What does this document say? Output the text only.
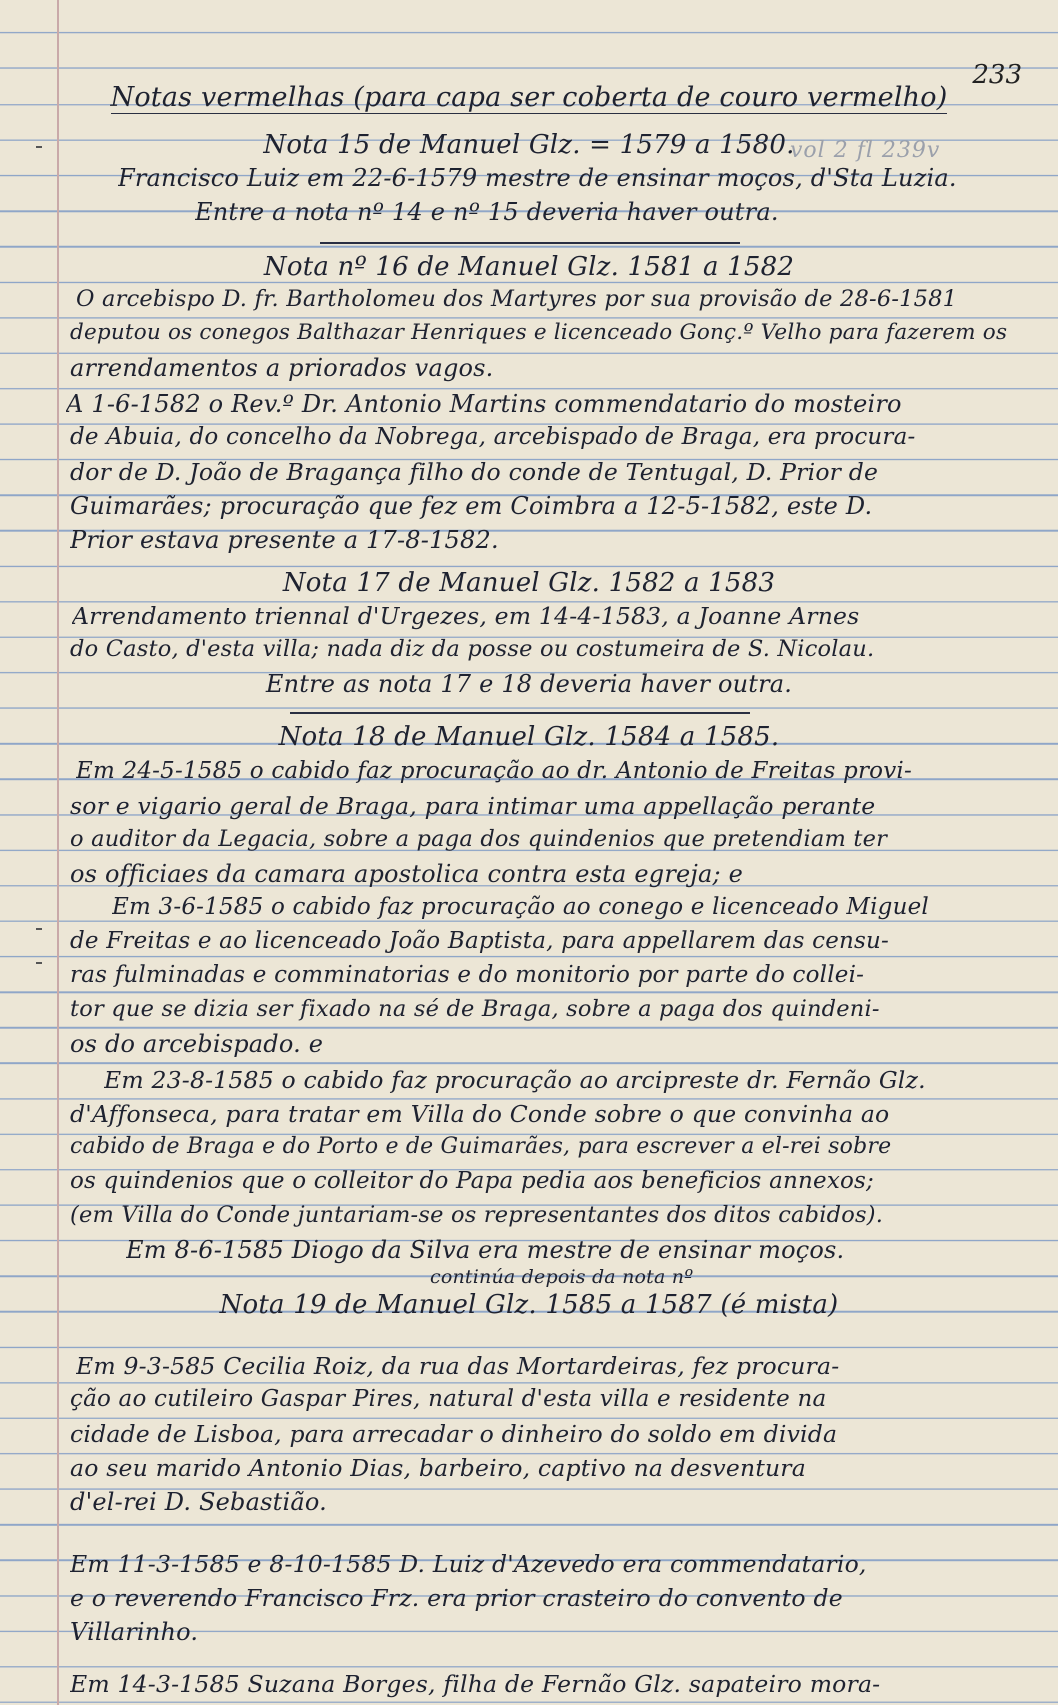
233
vol 2 fl 239v
Notas vermelhas (para capa ser coberta de couro vermelho)
Nota 15 de Manuel Glz. = 1579 a 1580.
Francisco Luiz em 22-6-1579 mestre de ensinar moços, d'Sta Luzia.
Entre a nota nº 14 e nº 15 deveria haver outra.
Nota nº 16 de Manuel Glz. 1581 a 1582
O arcebispo D. fr. Bartholomeu dos Martyres por sua provisão de 28-6-1581
deputou os conegos Balthazar Henriques e licenceado Gonç.º Velho para fazerem os
arrendamentos a priorados vagos.
A 1-6-1582 o Rev.º Dr. Antonio Martins commendatario do mosteiro
de Abuia, do concelho da Nobrega, arcebispado de Braga, era procura-
dor de D. João de Bragança filho do conde de Tentugal, D. Prior de
Guimarães; procuração que fez em Coimbra a 12-5-1582, este D.
Prior estava presente a 17-8-1582.
Nota 17 de Manuel Glz. 1582 a 1583
Arrendamento triennal d'Urgezes, em 14-4-1583, a Joanne Arnes
do Casto, d'esta villa; nada diz da posse ou costumeira de S. Nicolau.
Entre as nota 17 e 18 deveria haver outra.
Nota 18 de Manuel Glz. 1584 a 1585.
Em 24-5-1585 o cabido faz procuração ao dr. Antonio de Freitas provi-
sor e vigario geral de Braga, para intimar uma appellação perante
o auditor da Legacia, sobre a paga dos quindenios que pretendiam ter
os officiaes da camara apostolica contra esta egreja; e
Em 3-6-1585 o cabido faz procuração ao conego e licenceado Miguel
de Freitas e ao licenceado João Baptista, para appellarem das censu-
ras fulminadas e comminatorias e do monitorio por parte do collei-
tor que se dizia ser fixado na sé de Braga, sobre a paga dos quindeni-
os do arcebispado. e
Em 23-8-1585 o cabido faz procuração ao arcipreste dr. Fernão Glz.
d'Affonseca, para tratar em Villa do Conde sobre o que convinha ao
cabido de Braga e do Porto e de Guimarães, para escrever a el-rei sobre
os quindenios que o colleitor do Papa pedia aos beneficios annexos;
(em Villa do Conde juntariam-se os representantes dos ditos cabidos).
Em 8-6-1585 Diogo da Silva era mestre de ensinar moços.
continúa depois da nota nº
Nota 19 de Manuel Glz. 1585 a 1587 (é mista)
Em 9-3-585 Cecilia Roiz, da rua das Mortardeiras, fez procura-
ção ao cutileiro Gaspar Pires, natural d'esta villa e residente na
cidade de Lisboa, para arrecadar o dinheiro do soldo em divida
ao seu marido Antonio Dias, barbeiro, captivo na desventura
d'el-rei D. Sebastião.
Em 11-3-1585 e 8-10-1585 D. Luiz d'Azevedo era commendatario,
e o reverendo Francisco Frz. era prior crasteiro do convento de
Villarinho.
Em 14-3-1585 Suzana Borges, filha de Fernão Glz. sapateiro mora-
